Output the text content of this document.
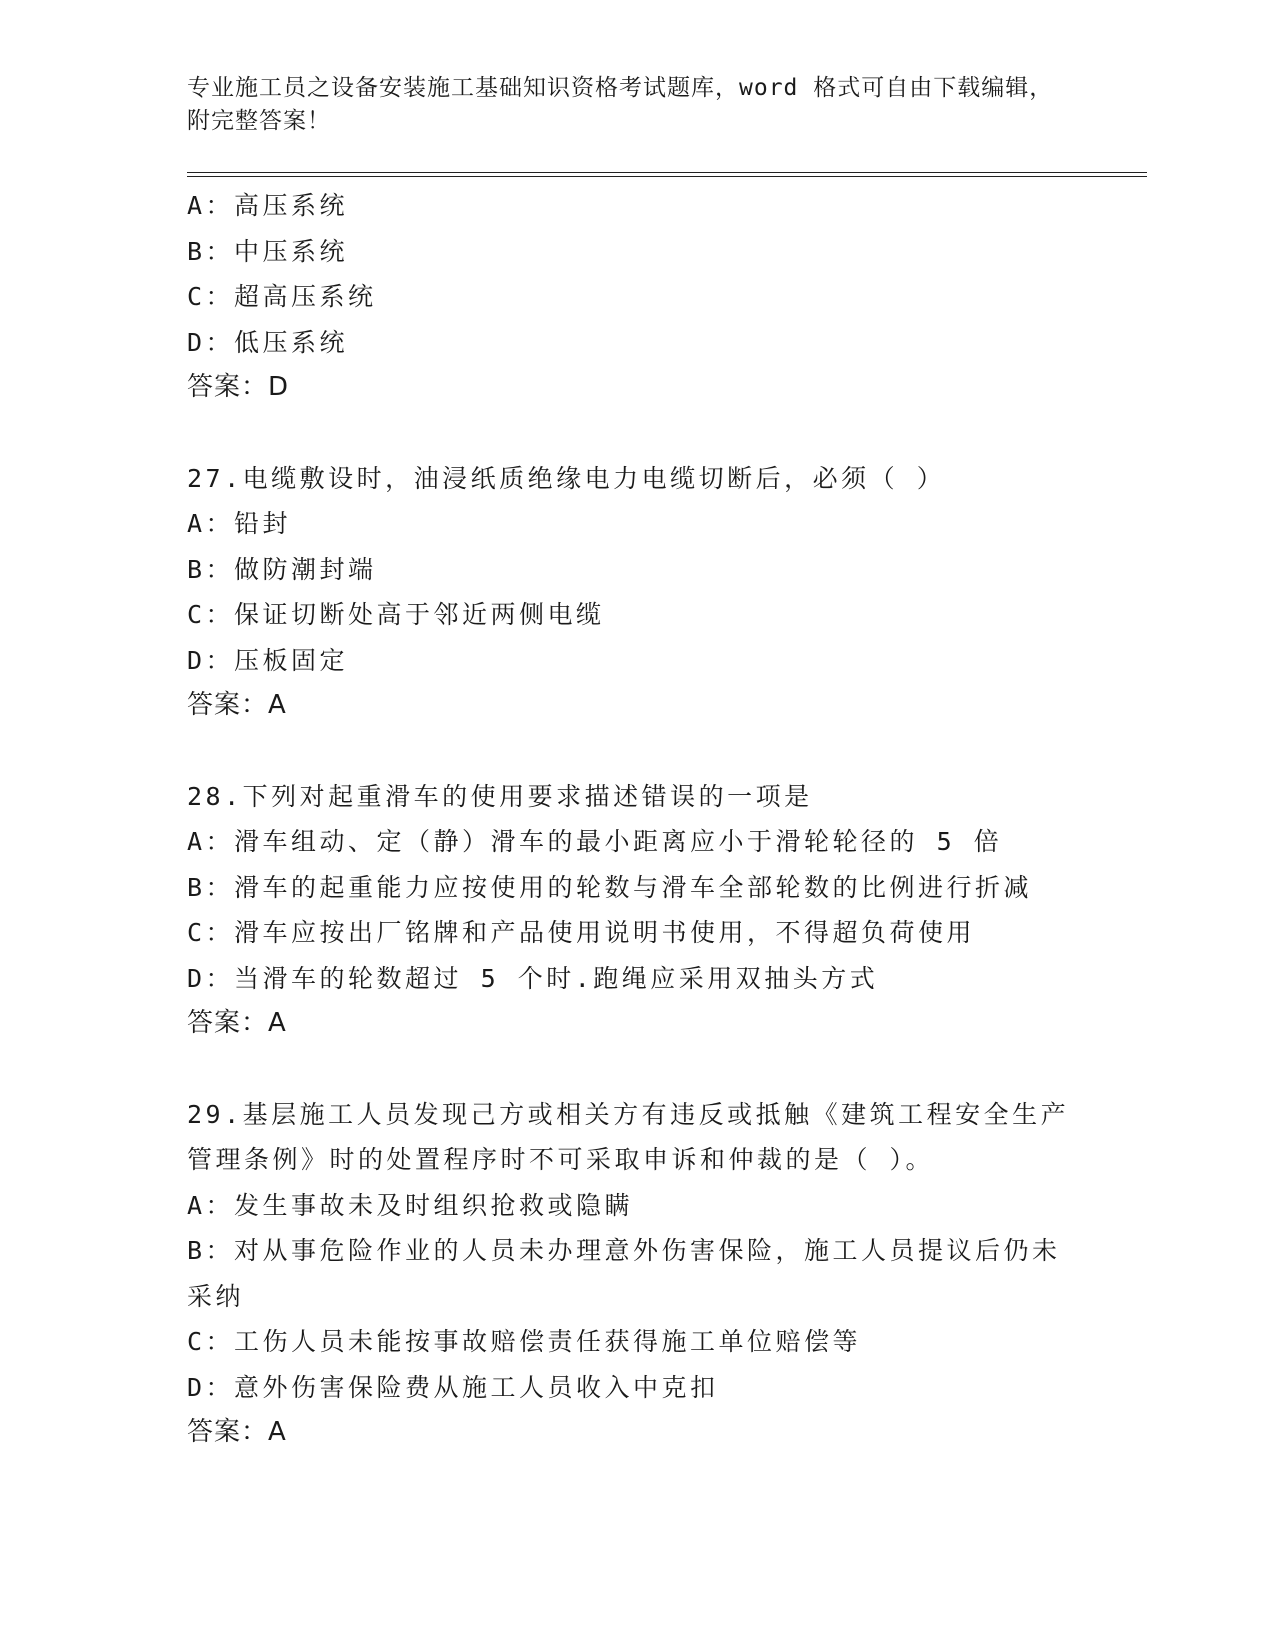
专业施工员之设备安装施工基础知识资格考试题库，word 格式可自由下载编辑，
附完整答案！
A：高压系统
B：中压系统
C：超高压系统
D：低压系统
答案：D
27.电缆敷设时，油浸纸质绝缘电力电缆切断后，必须（ ）
A：铅封
B：做防潮封端
C：保证切断处高于邻近两侧电缆
D：压板固定
答案：A
28.下列对起重滑车的使用要求描述错误的一项是
A：滑车组动、定（静）滑车的最小距离应小于滑轮轮径的 5 倍
B：滑车的起重能力应按使用的轮数与滑车全部轮数的比例进行折减
C：滑车应按出厂铭牌和产品使用说明书使用，不得超负荷使用
D：当滑车的轮数超过 5 个时.跑绳应采用双抽头方式
答案：A
29.基层施工人员发现己方或相关方有违反或抵触《建筑工程安全生产
管理条例》时的处置程序时不可采取申诉和仲裁的是（ ）。
A：发生事故未及时组织抢救或隐瞒
B：对从事危险作业的人员未办理意外伤害保险，施工人员提议后仍未
采纳
C：工伤人员未能按事故赔偿责任获得施工单位赔偿等
D：意外伤害保险费从施工人员收入中克扣
答案：A
